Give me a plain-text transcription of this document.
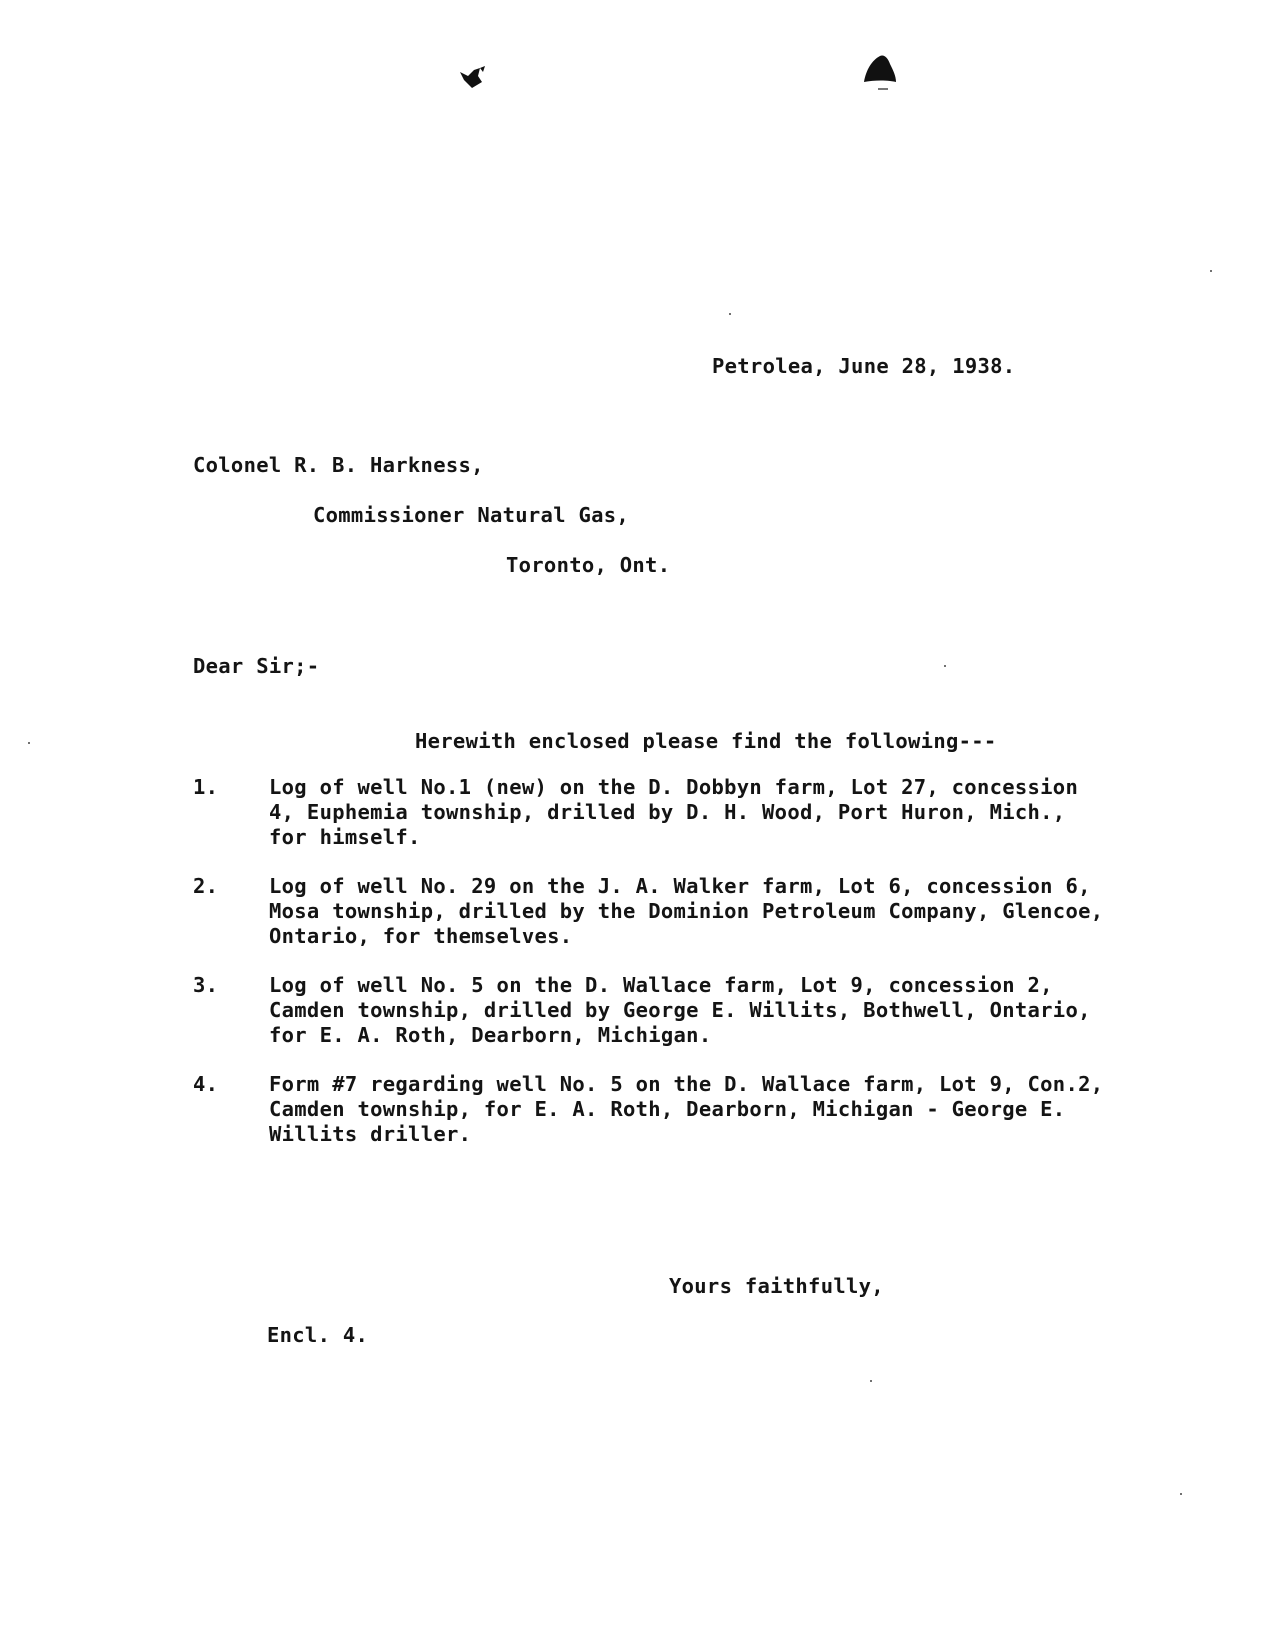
Petrolea, June 28, 1938.
Colonel R. B. Harkness,
Commissioner Natural Gas,
Toronto, Ont.
Dear Sir;-
Herewith enclosed please find the following---
1. Log of well No.1 (new) on the D. Dobbyn farm, Lot 27, concession
4, Euphemia township, drilled by D. H. Wood, Port Huron, Mich.,
for himself.
2. Log of well No. 29 on the J. A. Walker farm, Lot 6, concession 6,
Mosa township, drilled by the Dominion Petroleum Company, Glencoe,
Ontario, for themselves.
3. Log of well No. 5 on the D. Wallace farm, Lot 9, concession 2,
Camden township, drilled by George E. Willits, Bothwell, Ontario,
for E. A. Roth, Dearborn, Michigan.
4. Form #7 regarding well No. 5 on the D. Wallace farm, Lot 9, Con.2,
Camden township, for E. A. Roth, Dearborn, Michigan - George E.
Willits driller.
Yours faithfully,
Encl. 4.
